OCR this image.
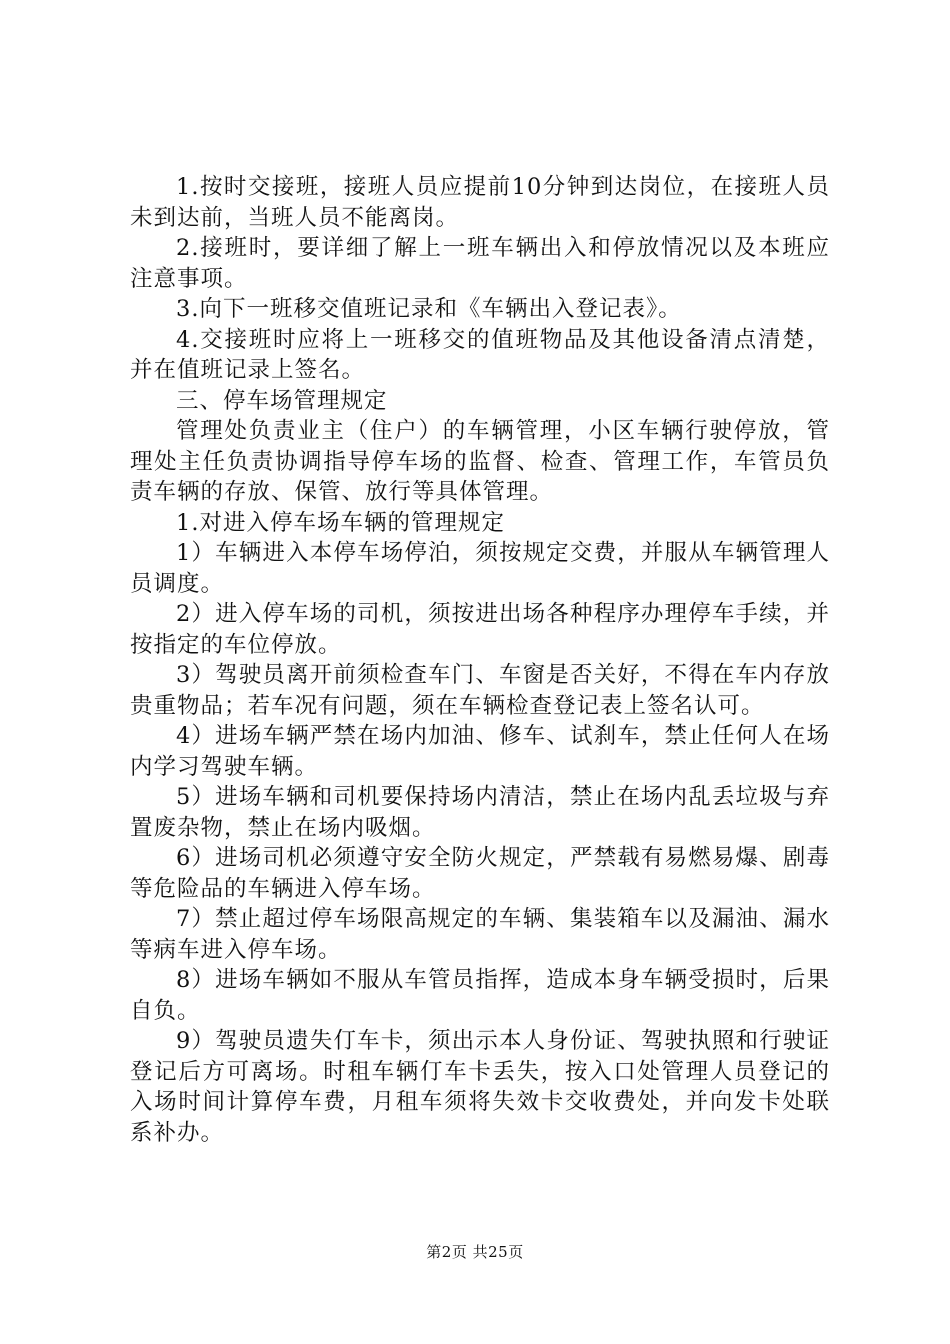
1.按时交接班，接班人员应提前10分钟到达岗位，在接班人员未到达前，当班人员不能离岗。

2.接班时，要详细了解上一班车辆出入和停放情况以及本班应注意事项。

3.向下一班移交值班记录和《车辆出入登记表》。

4.交接班时应将上一班移交的值班物品及其他设备清点清楚，并在值班记录上签名。

三、停车场管理规定

管理处负责业主（住户）的车辆管理，小区车辆行驶停放，管理处主任负责协调指导停车场的监督、检查、管理工作，车管员负责车辆的存放、保管、放行等具体管理。

1.对进入停车场车辆的管理规定

1）车辆进入本停车场停泊，须按规定交费，并服从车辆管理人员调度。

2）进入停车场的司机，须按进出场各种程序办理停车手续，并按指定的车位停放。

3）驾驶员离开前须检查车门、车窗是否关好，不得在车内存放贵重物品；若车况有问题，须在车辆检查登记表上签名认可。

4）进场车辆严禁在场内加油、修车、试刹车，禁止任何人在场内学习驾驶车辆。

5）进场车辆和司机要保持场内清洁，禁止在场内乱丢垃圾与弃置废杂物，禁止在场内吸烟。

6）进场司机必须遵守安全防火规定，严禁载有易燃易爆、剧毒等危险品的车辆进入停车场。

7）禁止超过停车场限高规定的车辆、集装箱车以及漏油、漏水等病车进入停车场。

8）进场车辆如不服从车管员指挥，造成本身车辆受损时，后果自负。

9）驾驶员遗失仃车卡，须出示本人身份证、驾驶执照和行驶证登记后方可离场。时租车辆仃车卡丢失，按入口处管理人员登记的入场时间计算停车费，月租车须将失效卡交收费处，并向发卡处联系补办。

第2页 共25页
